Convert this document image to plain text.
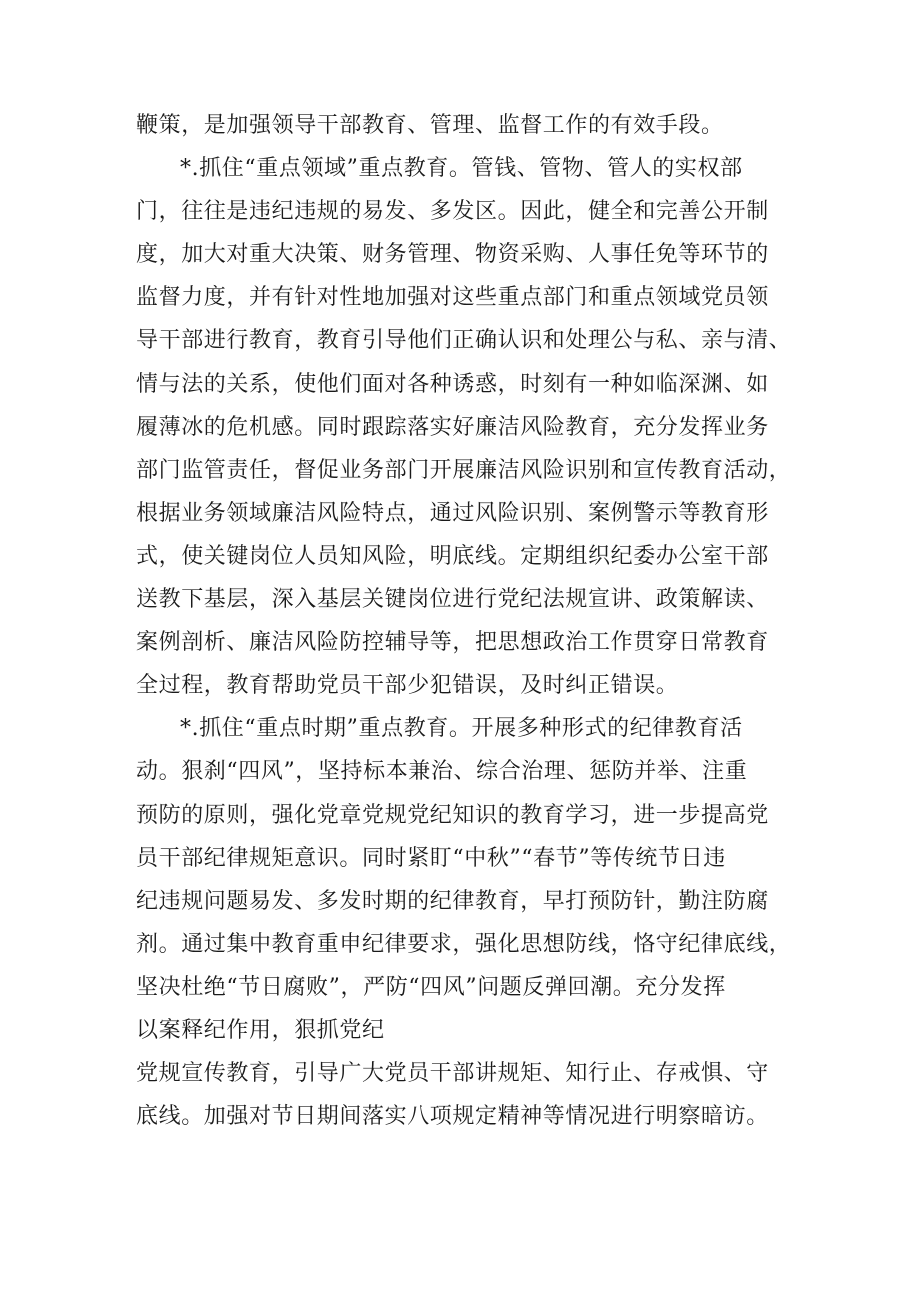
鞭策，是加强领导干部教育、管理、监督工作的有效手段。
*.抓住“重点领域”重点教育。管钱、管物、管人的实权部
门，往往是违纪违规的易发、多发区。因此，健全和完善公开制
度，加大对重大决策、财务管理、物资采购、人事任免等环节的
监督力度，并有针对性地加强对这些重点部门和重点领域党员领
导干部进行教育，教育引导他们正确认识和处理公与私、亲与清、
情与法的关系，使他们面对各种诱惑，时刻有一种如临深渊、如
履薄冰的危机感。同时跟踪落实好廉洁风险教育，充分发挥业务
部门监管责任，督促业务部门开展廉洁风险识别和宣传教育活动，
根据业务领域廉洁风险特点，通过风险识别、案例警示等教育形
式，使关键岗位人员知风险，明底线。定期组织纪委办公室干部
送教下基层，深入基层关键岗位进行党纪法规宣讲、政策解读、
案例剖析、廉洁风险防控辅导等，把思想政治工作贯穿日常教育
全过程，教育帮助党员干部少犯错误，及时纠正错误。
*.抓住“重点时期”重点教育。开展多种形式的纪律教育活
动。狠刹“四风”，坚持标本兼治、综合治理、惩防并举、注重
预防的原则，强化党章党规党纪知识的教育学习，进一步提高党
员干部纪律规矩意识。同时紧盯“中秋”“春节”等传统节日违
纪违规问题易发、多发时期的纪律教育，早打预防针，勤注防腐
剂。通过集中教育重申纪律要求，强化思想防线，恪守纪律底线，
坚决杜绝“节日腐败”，严防“四风”问题反弹回潮。充分发挥
以案释纪作用，狠抓党纪
党规宣传教育，引导广大党员干部讲规矩、知行止、存戒惧、守
底线。加强对节日期间落实八项规定精神等情况进行明察暗访。
